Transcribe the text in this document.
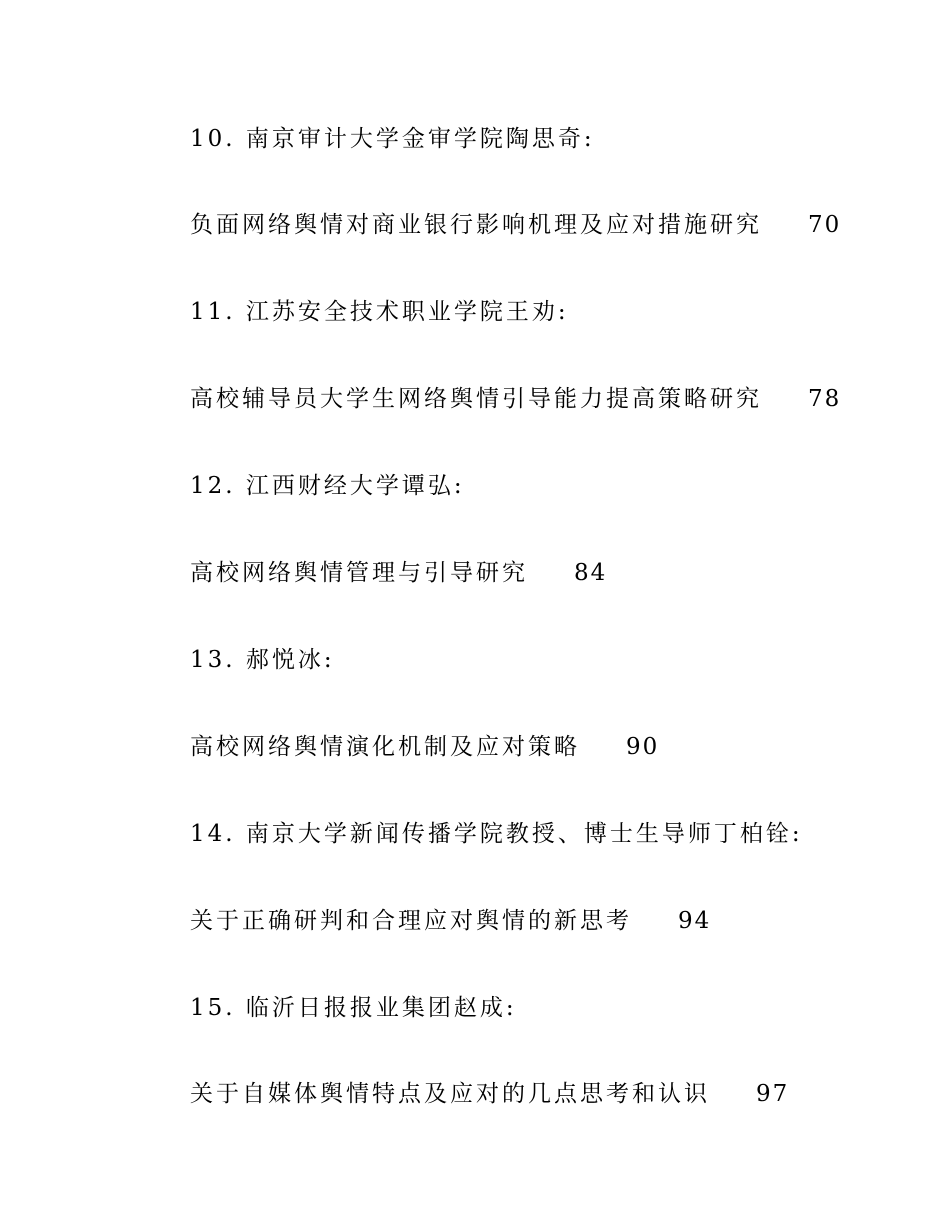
10. 南京审计大学金审学院陶思奇:
负面网络舆情对商业银行影响机理及应对措施研究 70
11. 江苏安全技术职业学院王劝:
高校辅导员大学生网络舆情引导能力提高策略研究 78
12. 江西财经大学谭弘:
高校网络舆情管理与引导研究 84
13. 郝悦冰:
高校网络舆情演化机制及应对策略 90
14. 南京大学新闻传播学院教授、博士生导师丁柏铨:
关于正确研判和合理应对舆情的新思考 94
15. 临沂日报报业集团赵成:
关于自媒体舆情特点及应对的几点思考和认识 97
